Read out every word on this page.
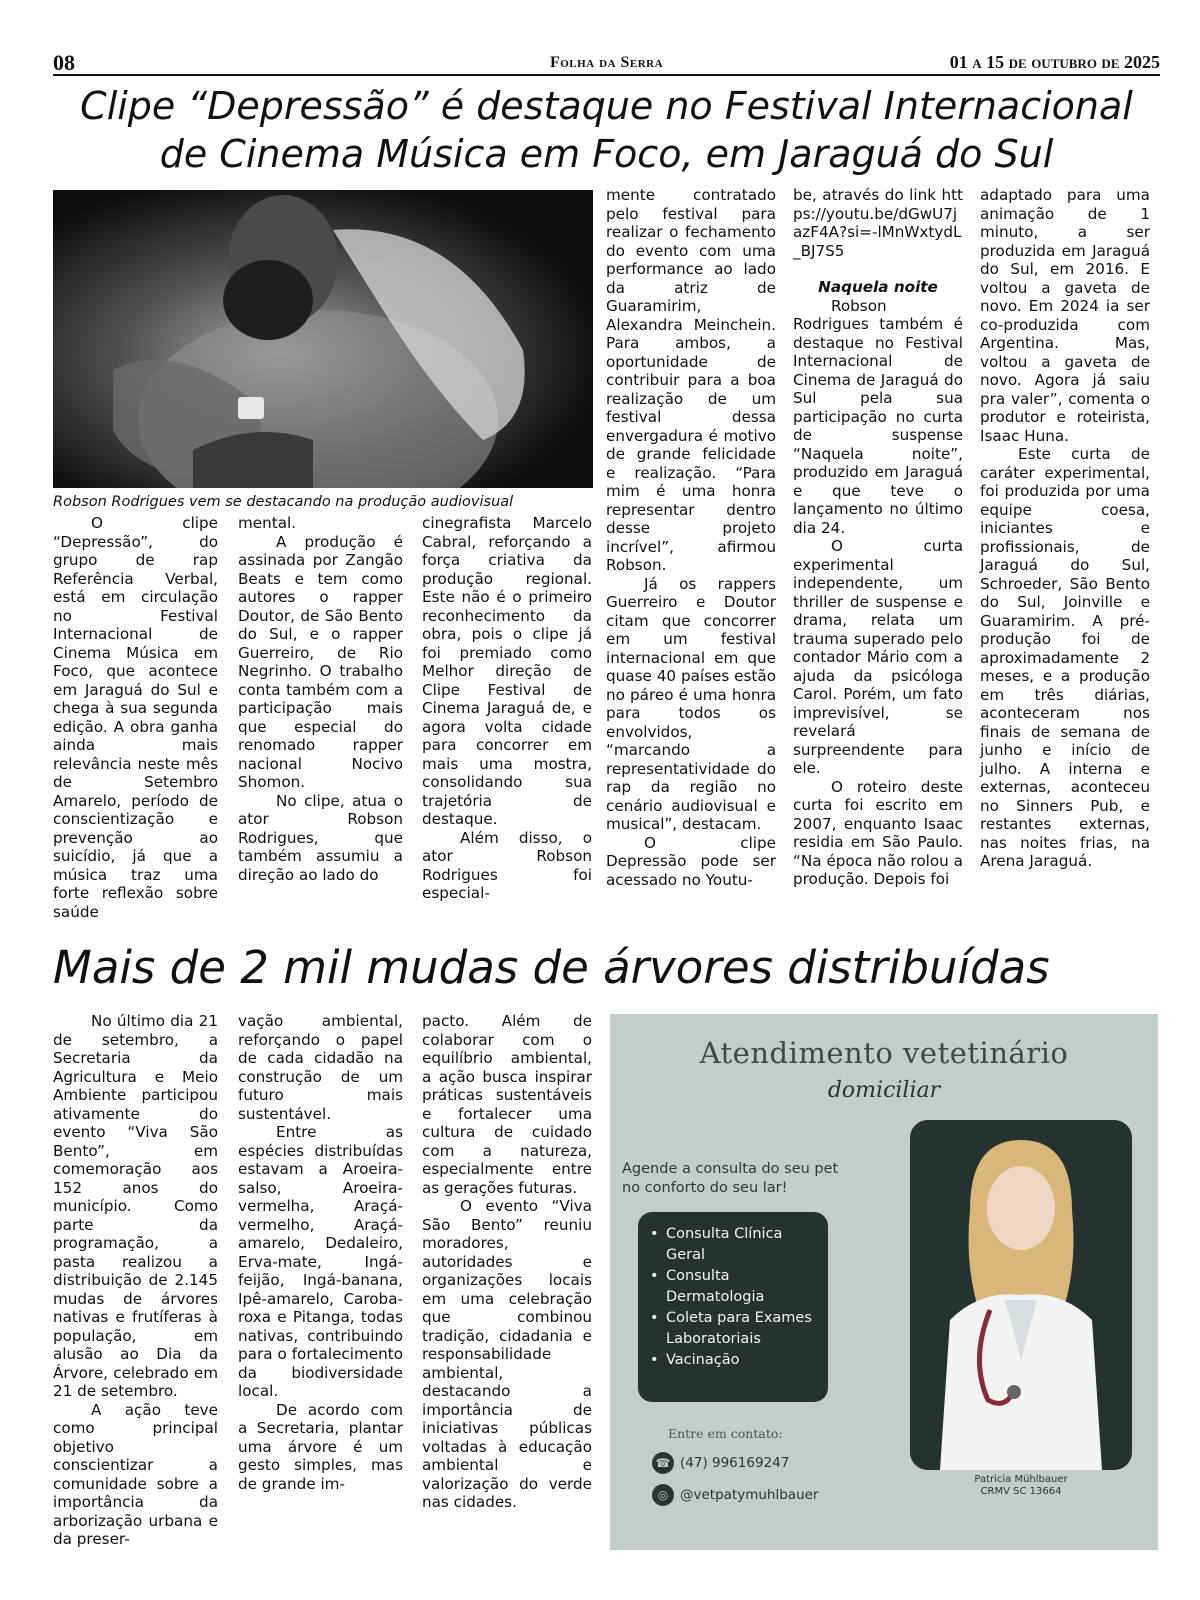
08	Folha da Serra	01 a 15 de outubro de 2025
Clipe “Depressão” é destaque no Festival Internacional
de Cinema Música em Foco, em Jaraguá do Sul
Robson Rodrigues vem se destacando na produção audiovisual

O clipe “Depressão”, do grupo de rap Referência Verbal, está em circulação no Festival Internacional de Cinema Música em Foco, que acontece em Jaraguá do Sul e chega à sua segunda edição. A obra ganha ainda mais relevância neste mês de Setembro Amarelo, período de conscientização e prevenção ao suicídio, já que a música traz uma forte reflexão sobre saúde

mental.

A produção é assinada por Zangão Beats e tem como autores o rapper Doutor, de São Bento do Sul, e o rapper Guerreiro, de Rio Negrinho. O trabalho conta também com a participação mais que especial do renomado rapper nacional Nocivo Shomon.

No clipe, atua o ator Robson Rodrigues, que também assumiu a direção ao lado do

cinegrafista Marcelo Cabral, reforçando a força criativa da produção regional. Este não é o primeiro reconhecimento da obra, pois o clipe já foi premiado como Melhor direção de Clipe Festival de Cinema Jaraguá de, e agora volta cidade para concorrer em mais uma mostra, consolidando sua trajetória de destaque.

Além disso, o ator Robson Rodrigues foi especial-

mente contratado pelo festival para realizar o fechamento do evento com uma performance ao lado da atriz de Guaramirim, Alexandra Meinchein. Para ambos, a oportunidade de contribuir para a boa realização de um festival dessa envergadura é motivo de grande felicidade e realização. “Para mim é uma honra representar dentro desse projeto incrível”, afirmou Robson.

Já os rappers Guerreiro e Doutor citam que concorrer em um festival internacional em que quase 40 países estão no páreo é uma honra para todos os envolvidos, “marcando a representatividade do rap da região no cenário audiovisual e musical”, destacam.

O clipe Depressão pode ser acessado no Youtu-

be, através do link https://youtu.be/dGwU7jazF4A?si=-lMnWxtydL_BJ7S5

Naquela noite

Robson Rodrigues também é destaque no Festival Internacional de Cinema de Jaraguá do Sul pela sua participação no curta de suspense “Naquela noite”, produzido em Jaraguá e que teve o lançamento no último dia 24.

O curta experimental independente, um thriller de suspense e drama, relata um trauma superado pelo contador Mário com a ajuda da psicóloga Carol. Porém, um fato imprevisível, se revelará surpreendente para ele.

O roteiro deste curta foi escrito em 2007, enquanto Isaac residia em São Paulo. “Na época não rolou a produção. Depois foi

adaptado para uma animação de 1 minuto, a ser produzida em Jaraguá do Sul, em 2016. E voltou a gaveta de novo. Em 2024 ia ser co-produzida com Argentina. Mas, voltou a gaveta de novo. Agora já saiu pra valer”, comenta o produtor e roteirista, Isaac Huna.

Este curta de caráter experimental, foi produzida por uma equipe coesa, iniciantes e profissionais, de Jaraguá do Sul, Schroeder, São Bento do Sul, Joinville e Guaramirim. A pré-produção foi de aproximadamente 2 meses, e a produção em três diárias, aconteceram nos finais de semana de junho e início de julho. A interna e externas, aconteceu no Sinners Pub, e restantes externas, nas noites frias, na Arena Jaraguá.

Mais de 2 mil mudas de árvores distribuídas

No último dia 21 de setembro, a Secretaria da Agricultura e Meio Ambiente participou ativamente do evento “Viva São Bento”, em comemoração aos 152 anos do município. Como parte da programação, a pasta realizou a distribuição de 2.145 mudas de árvores nativas e frutíferas à população, em alusão ao Dia da Árvore, celebrado em 21 de setembro.

A ação teve como principal objetivo conscientizar a comunidade sobre a importância da arborização urbana e da preser-

vação ambiental, reforçando o papel de cada cidadão na construção de um futuro mais sustentável.

Entre as espécies distribuídas estavam a Aroeira-salso, Aroeira-vermelha, Araçá-vermelho, Araçá-amarelo, Dedaleiro, Erva-mate, Ingá-feijão, Ingá-banana, Ipê-amarelo, Caroba-roxa e Pitanga, todas nativas, contribuindo para o fortalecimento da biodiversidade local.

De acordo com a Secretaria, plantar uma árvore é um gesto simples, mas de grande im-

pacto. Além de colaborar com o equilíbrio ambiental, a ação busca inspirar práticas sustentáveis e fortalecer uma cultura de cuidado com a natureza, especialmente entre as gerações futuras.

O evento “Viva São Bento” reuniu moradores, autoridades e organizações locais em uma celebração que combinou tradição, cidadania e responsabilidade ambiental, destacando a importância de iniciativas públicas voltadas à educação ambiental e valorização do verde nas cidades.

Atendimento vetetinário
domiciliar
Agende a consulta do seu pet no conforto do seu lar!
• Consulta Clínica Geral
• Consulta Dermatologia
• Coleta para Exames Laboratoriais
• Vacinação
Entre em contato:
☎ (47) 996169247
◎ @vetpatymuhlbauer
Patricia Mühlbauer
CRMV SC 13664
